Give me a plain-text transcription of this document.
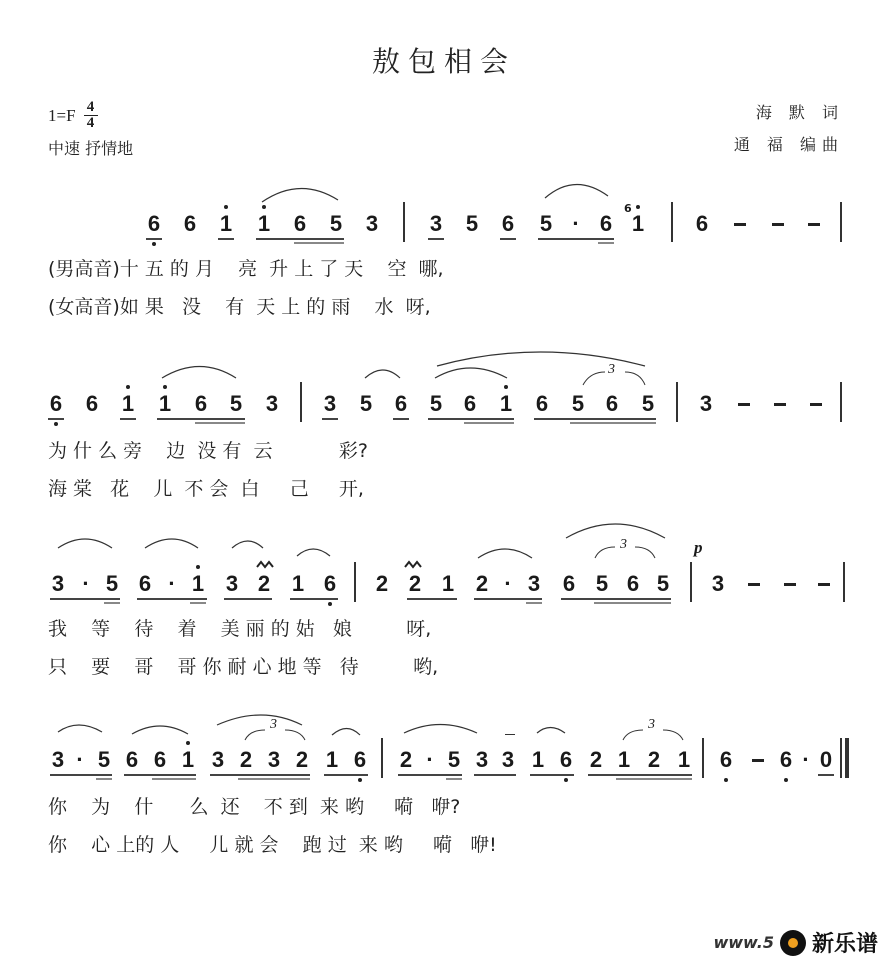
敖包相会
$1=F \frac{4}{4}$
中速 抒情地
海 默 词
通 福 编曲
6 6 1 1 6 5 3 3 5 6 5 · 6
6
1 6
(男高音)十 五 的 月    亮  升 上 了 天    空  哪,
(女高音)如 果   没    有  天 上 的 雨    水  呀,
6 6 1 1 6 5 3 3 5 6 5 6 1 6 5 6 5
3
3
为 什 么 旁    边  没 有  云           彩?
海 棠   花    儿  不 会  白     己     开,
3 · 5 6 · 1 3 2 1 6 2 2 1 2 · 3 6 5 6 5
3	p
3
我    等    待    着    美 丽 的 姑   娘         呀,
只    要    哥    哥 你 耐 心 地 等   待         哟,
3 · 5 6 6 1 3 2 3 2 1 6
3
2 · 5 3 3 1 6 2 1 2 1
3
6 6 · 0
你    为    什      么  还    不 到  来 哟     嗬   咿?
你    心 上的 人     儿 就 会    跑 过  来 哟     嗬   咿!
www.5 新乐谱
